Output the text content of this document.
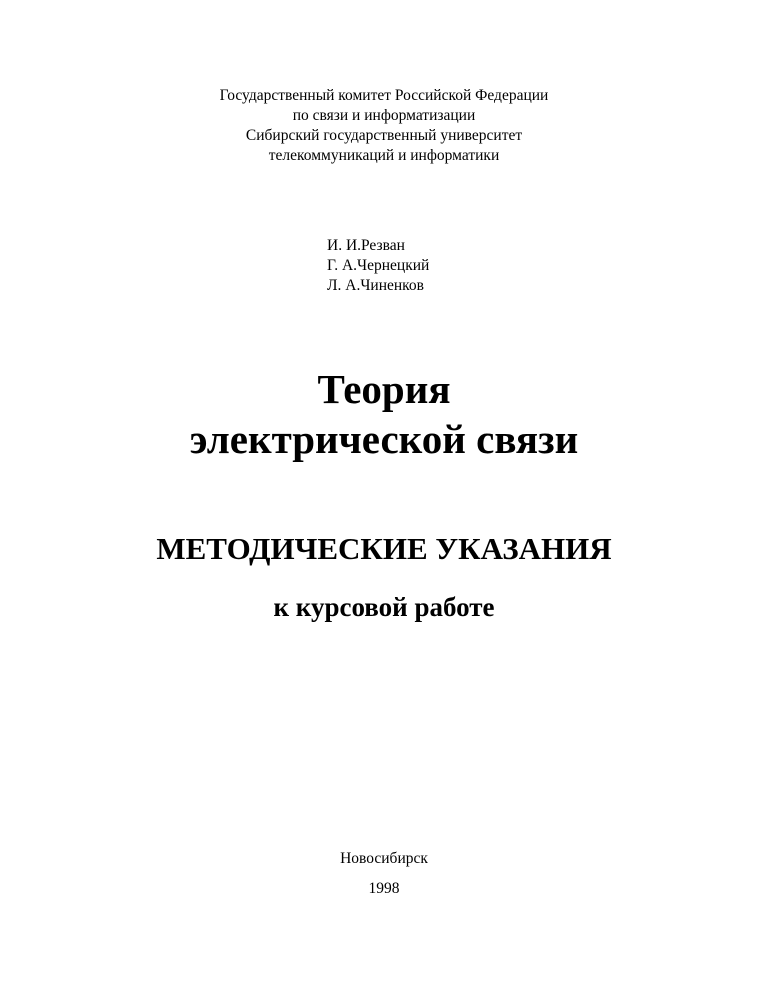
Государственный комитет Российской Федерации
по связи и информатизации
Сибирский государственный университет
телекоммуникаций и информатики
И. И.Резван
Г. А.Чернецкий
Л. А.Чиненков
Теория
электрической связи
МЕТОДИЧЕСКИЕ УКАЗАНИЯ
к курсовой работе
Новосибирск
1998
